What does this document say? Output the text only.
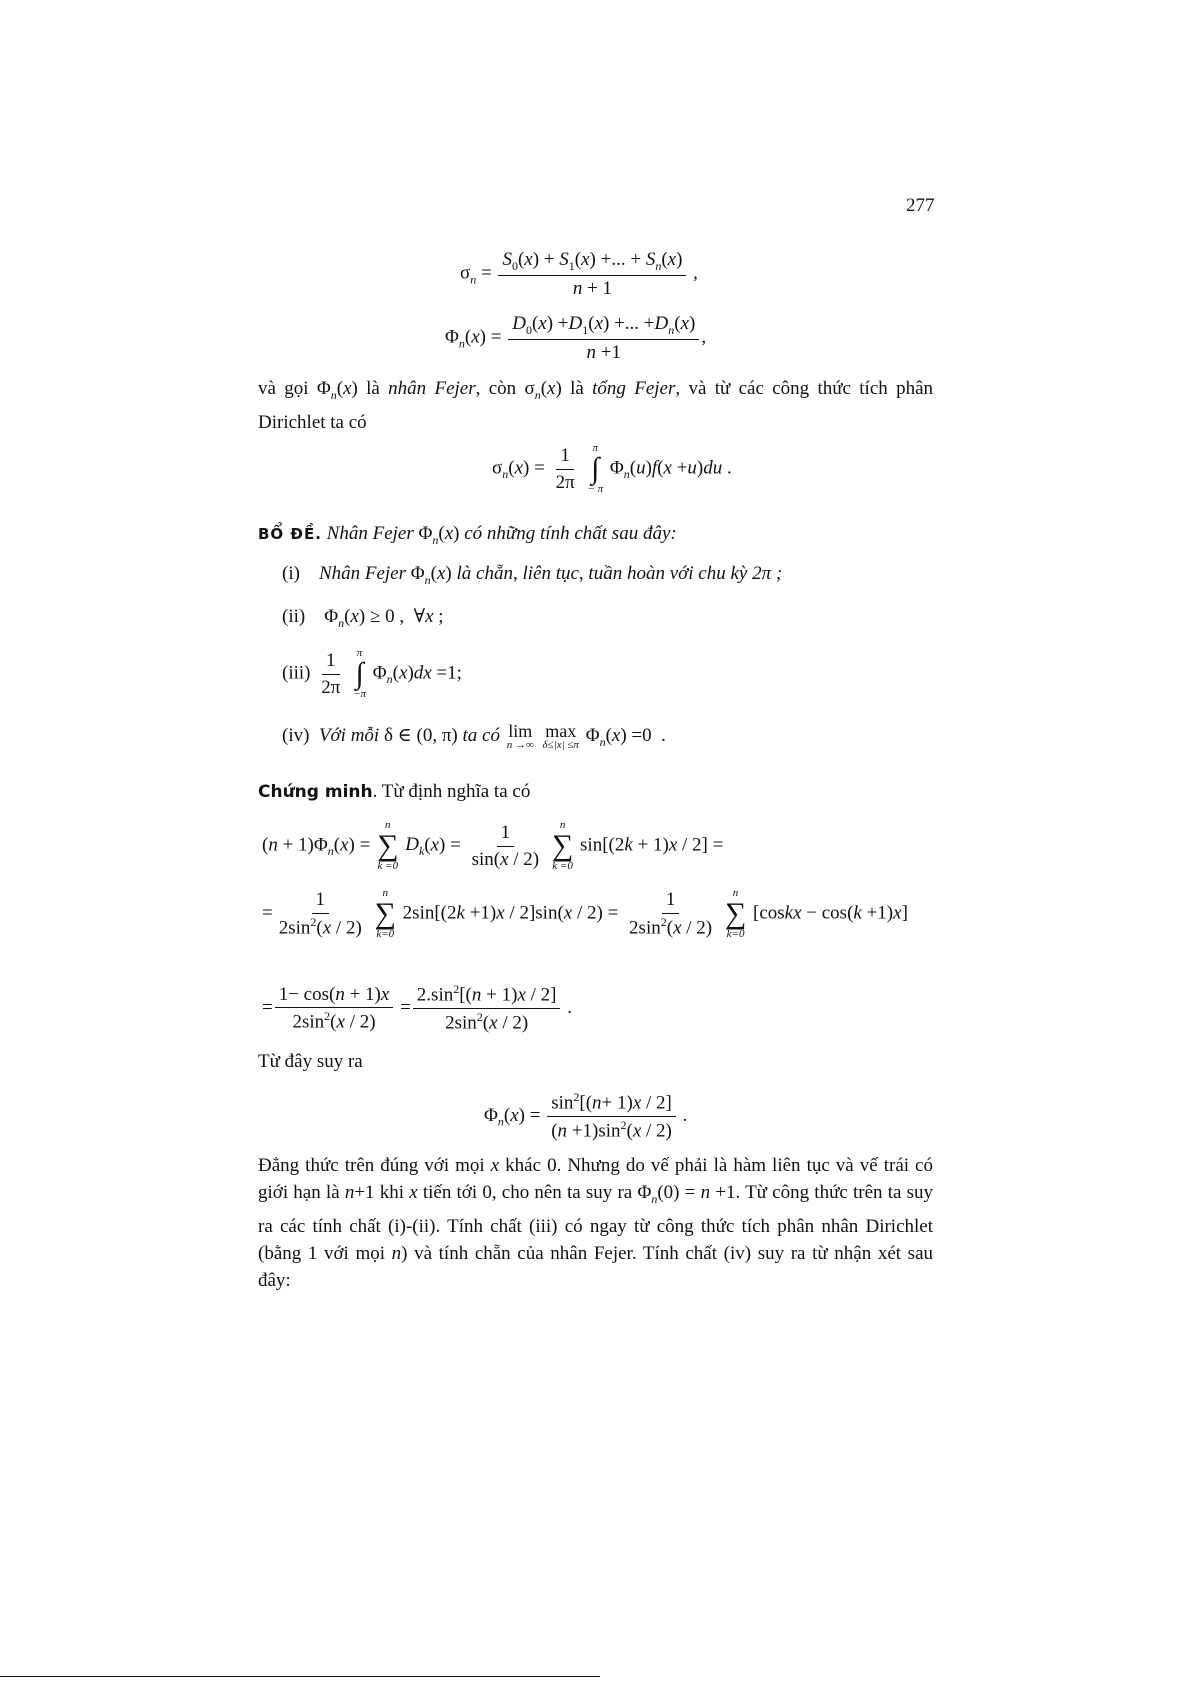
277
$\sigma_n = \frac{S_0(x) + S_1(x) +... + S_n(x)}{n + 1}$ ,
$\Phi_n(x) = \frac{D_0(x) +D_1(x) +... +D_n(x)}{n +1}$ ,
và gọi $\Phi_n(x)$ là nhân Fejer, còn $\sigma_n(x)$ là tổng Fejer, và từ các công thức tích phân Dirichlet ta có
$\sigma_n(x) = \frac{1}{2\pi}$
π
∫
− π
$\Phi_n(u)f(x +u)du$ .
BỔ ĐỀ. Nhân Fejer $\Phi_n(x)$ có những tính chất sau đây:
(i) Nhân Fejer $\Phi_n(x)$ là chẵn, liên tục, tuần hoàn với chu kỳ 2π ;
(ii)    $\Phi_n(x) \ge 0$ ,  ∀x ;
$(iii) \frac{1}{2\pi}$
π
∫
−π
$\Phi_n(x)dx =1$;
(iv) Với mỗi δ ∈ (0, π) ta có lim
n →∞

max
δ≤|x| ≤π $\Phi_n(x) =0$  .
Chứng minh. Từ định nghĩa ta có
$(n + 1)\Phi_n(x)$ =
n
∑
k =0
$D_k(x) = \frac{1}{\sin(x / 2)}$
n
∑
k =0
sin[(2k + 1)x / 2] =
= $\frac{1}{2\sin^2(x / 2)}$
n
∑
k=0
$2\sin[(2k +1)x / 2]\sin(x / 2) = \frac{1}{2\sin^2(x / 2)}$
n
∑
k=0
[coskx − cos(k +1)x]
= $\frac{1- \cos(n + 1)x}{2\sin^2(x / 2)} = \frac{2.\sin^2[(n + 1)x / 2]}{2\sin^2(x / 2)}$ .
Từ đây suy ra
$\Phi_n(x) = \frac{\sin^2[(n+ 1)x / 2]}{(n +1)\sin^2(x / 2)}$ .
Đẳng thức trên đúng với mọi x khác 0. Nhưng do vế phải là hàm liên tục và vế trái có giới hạn là n+1 khi x tiến tới 0, cho nên ta suy ra $\Phi_n(0) = n +1$. Từ công thức trên ta suy ra các tính chất (i)-(ii). Tính chất (iii) có ngay từ công thức tích phân nhân Dirichlet (bằng 1 với mọi n) và tính chẵn của nhân Fejer. Tính chất (iv) suy ra từ nhận xét sau đây:
